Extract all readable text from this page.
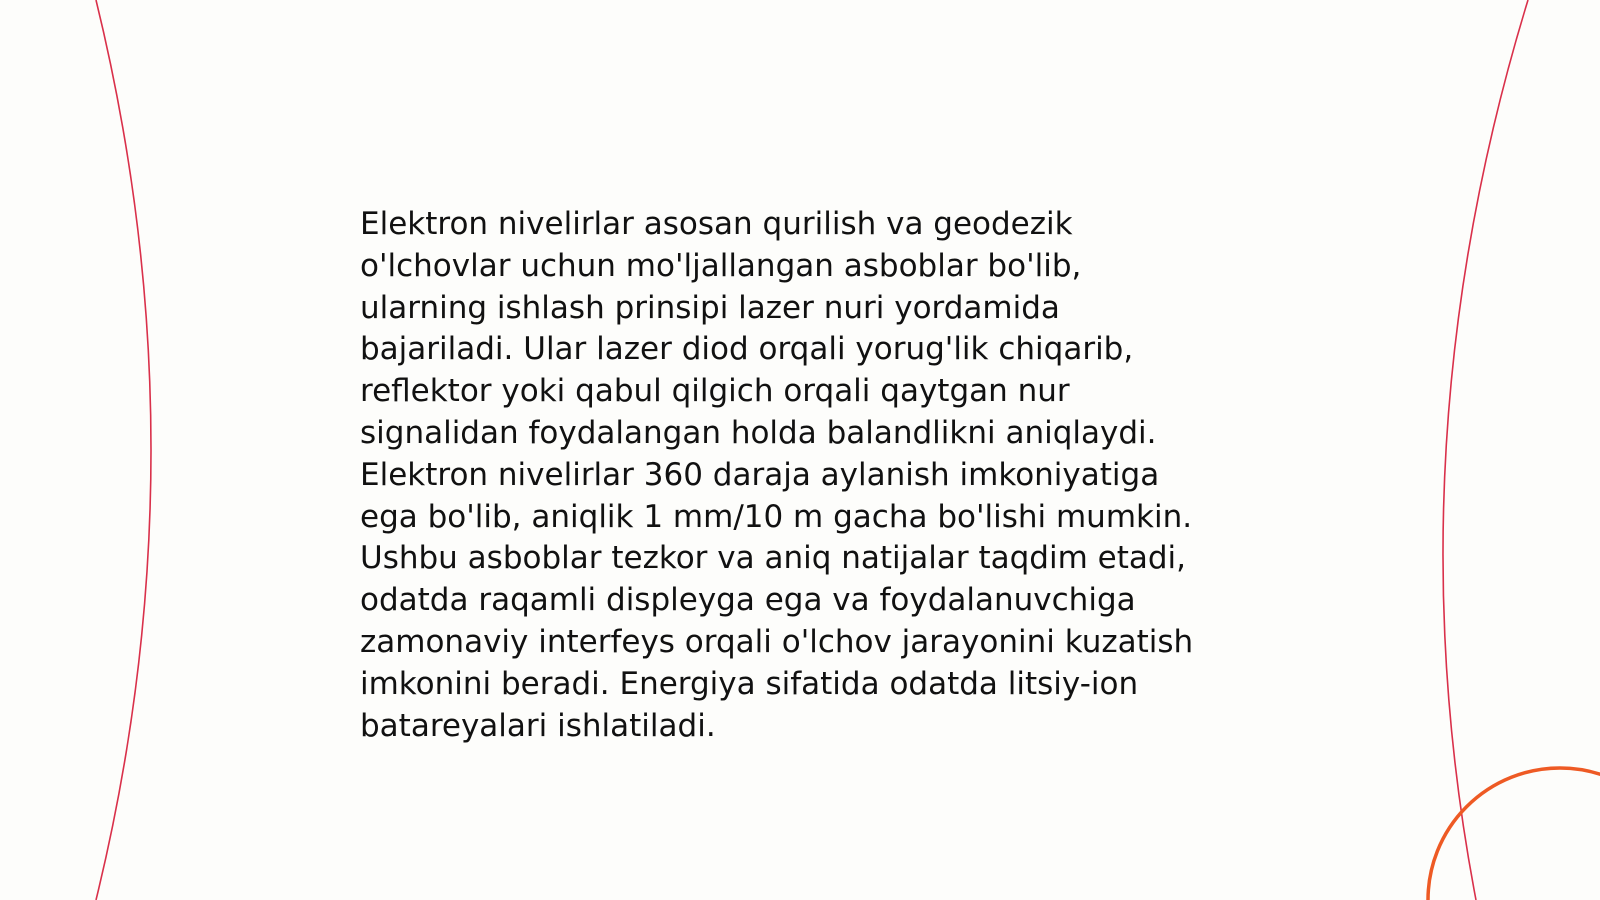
Elektron nivelirlar asosan qurilish va geodezik
o'lchovlar uchun mo'ljallangan asboblar bo'lib,
ularning ishlash prinsipi lazer nuri yordamida
bajariladi. Ular lazer diod orqali yorug'lik chiqarib,
reflektor yoki qabul qilgich orqali qaytgan nur
signalidan foydalangan holda balandlikni aniqlaydi.
Elektron nivelirlar 360 daraja aylanish imkoniyatiga
ega bo'lib, aniqlik 1 mm/10 m gacha bo'lishi mumkin.
Ushbu asboblar tezkor va aniq natijalar taqdim etadi,
odatda raqamli displeyga ega va foydalanuvchiga
zamonaviy interfeys orqali o'lchov jarayonini kuzatish
imkonini beradi. Energiya sifatida odatda litsiy-ion
batareyalari ishlatiladi.
